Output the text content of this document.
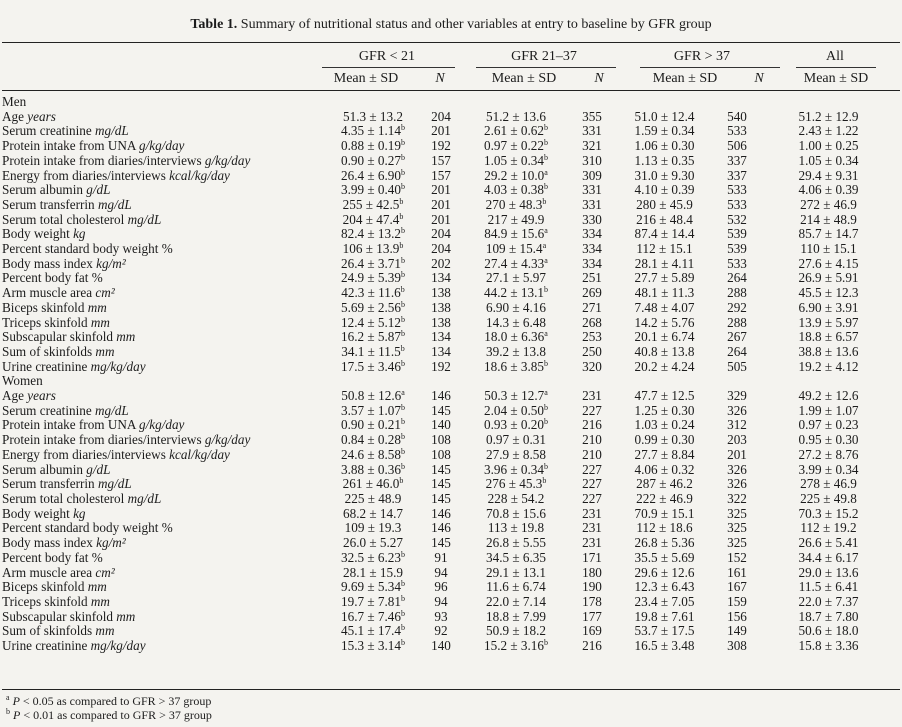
Table 1. Summary of nutritional status and other variables at entry to baseline by GFR group
GFR < 21	GFR 21–37	GFR > 37	All
Mean ± SD	N	Mean ± SD	N	Mean ± SD	N	Mean ± SD
Men							
Age years	51.3 ± 13.2	204	51.2 ± 13.6	355	51.0 ± 12.4	540	51.2 ± 12.9
Serum creatinine mg/dL	4.35 ± 1.14$^b$	201	2.61 ± 0.62$^b$	331	1.59 ± 0.34	533	2.43 ± 1.22
Protein intake from UNA g/kg/day	0.88 ± 0.19$^b$	192	0.97 ± 0.22$^b$	321	1.06 ± 0.30	506	1.00 ± 0.25
Protein intake from diaries/interviews g/kg/day	0.90 ± 0.27$^b$	157	1.05 ± 0.34$^b$	310	1.13 ± 0.35	337	1.05 ± 0.34
Energy from diaries/interviews kcal/kg/day	26.4 ± 6.90$^b$	157	29.2 ± 10.0$^a$	309	31.0 ± 9.30	337	29.4 ± 9.31
Serum albumin g/dL	3.99 ± 0.40$^b$	201	4.03 ± 0.38$^b$	331	4.10 ± 0.39	533	4.06 ± 0.39
Serum transferrin mg/dL	255 ± 42.5$^b$	201	270 ± 48.3$^b$	331	280 ± 45.9	533	272 ± 46.9
Serum total cholesterol mg/dL	204 ± 47.4$^b$	201	217 ± 49.9	330	216 ± 48.4	532	214 ± 48.9
Body weight kg	82.4 ± 13.2$^b$	204	84.9 ± 15.6$^a$	334	87.4 ± 14.4	539	85.7 ± 14.7
Percent standard body weight %	106 ± 13.9$^b$	204	109 ± 15.4$^a$	334	112 ± 15.1	539	110 ± 15.1
Body mass index kg/m²	26.4 ± 3.71$^b$	202	27.4 ± 4.33$^a$	334	28.1 ± 4.11	533	27.6 ± 4.15
Percent body fat %	24.9 ± 5.39$^b$	134	27.1 ± 5.97	251	27.7 ± 5.89	264	26.9 ± 5.91
Arm muscle area cm²	42.3 ± 11.6$^b$	138	44.2 ± 13.1$^b$	269	48.1 ± 11.3	288	45.5 ± 12.3
Biceps skinfold mm	5.69 ± 2.56$^b$	138	6.90 ± 4.16	271	7.48 ± 4.07	292	6.90 ± 3.91
Triceps skinfold mm	12.4 ± 5.12$^b$	138	14.3 ± 6.48	268	14.2 ± 5.76	288	13.9 ± 5.97
Subscapular skinfold mm	16.2 ± 5.87$^b$	134	18.0 ± 6.36$^a$	253	20.1 ± 6.74	267	18.8 ± 6.57
Sum of skinfolds mm	34.1 ± 11.5$^b$	134	39.2 ± 13.8	250	40.8 ± 13.8	264	38.8 ± 13.6
Urine creatinine mg/kg/day	17.5 ± 3.46$^b$	192	18.6 ± 3.85$^b$	320	20.2 ± 4.24	505	19.2 ± 4.12
Women							
Age years	50.8 ± 12.6$^a$	146	50.3 ± 12.7$^a$	231	47.7 ± 12.5	329	49.2 ± 12.6
Serum creatinine mg/dL	3.57 ± 1.07$^b$	145	2.04 ± 0.50$^b$	227	1.25 ± 0.30	326	1.99 ± 1.07
Protein intake from UNA g/kg/day	0.90 ± 0.21$^b$	140	0.93 ± 0.20$^b$	216	1.03 ± 0.24	312	0.97 ± 0.23
Protein intake from diaries/interviews g/kg/day	0.84 ± 0.28$^b$	108	0.97 ± 0.31	210	0.99 ± 0.30	203	0.95 ± 0.30
Energy from diaries/interviews kcal/kg/day	24.6 ± 8.58$^b$	108	27.9 ± 8.58	210	27.7 ± 8.84	201	27.2 ± 8.76
Serum albumin g/dL	3.88 ± 0.36$^b$	145	3.96 ± 0.34$^b$	227	4.06 ± 0.32	326	3.99 ± 0.34
Serum transferrin mg/dL	261 ± 46.0$^b$	145	276 ± 45.3$^b$	227	287 ± 46.2	326	278 ± 46.9
Serum total cholesterol mg/dL	225 ± 48.9	145	228 ± 54.2	227	222 ± 46.9	322	225 ± 49.8
Body weight kg	68.2 ± 14.7	146	70.8 ± 15.6	231	70.9 ± 15.1	325	70.3 ± 15.2
Percent standard body weight %	109 ± 19.3	146	113 ± 19.8	231	112 ± 18.6	325	112 ± 19.2
Body mass index kg/m²	26.0 ± 5.27	145	26.8 ± 5.55	231	26.8 ± 5.36	325	26.6 ± 5.41
Percent body fat %	32.5 ± 6.23$^b$	91	34.5 ± 6.35	171	35.5 ± 5.69	152	34.4 ± 6.17
Arm muscle area cm²	28.1 ± 15.9	94	29.1 ± 13.1	180	29.6 ± 12.6	161	29.0 ± 13.6
Biceps skinfold mm	9.69 ± 5.34$^b$	96	11.6 ± 6.74	190	12.3 ± 6.43	167	11.5 ± 6.41
Triceps skinfold mm	19.7 ± 7.81$^b$	94	22.0 ± 7.14	178	23.4 ± 7.05	159	22.0 ± 7.37
Subscapular skinfold mm	16.7 ± 7.46$^b$	93	18.8 ± 7.99	177	19.8 ± 7.61	156	18.7 ± 7.80
Sum of skinfolds mm	45.1 ± 17.4$^b$	92	50.9 ± 18.2	169	53.7 ± 17.5	149	50.6 ± 18.0
Urine creatinine mg/kg/day	15.3 ± 3.14$^b$	140	15.2 ± 3.16$^b$	216	16.5 ± 3.48	308	15.8 ± 3.36
$^a$ P < 0.05 as compared to GFR > 37 group
$^b$ P < 0.01 as compared to GFR > 37 group
